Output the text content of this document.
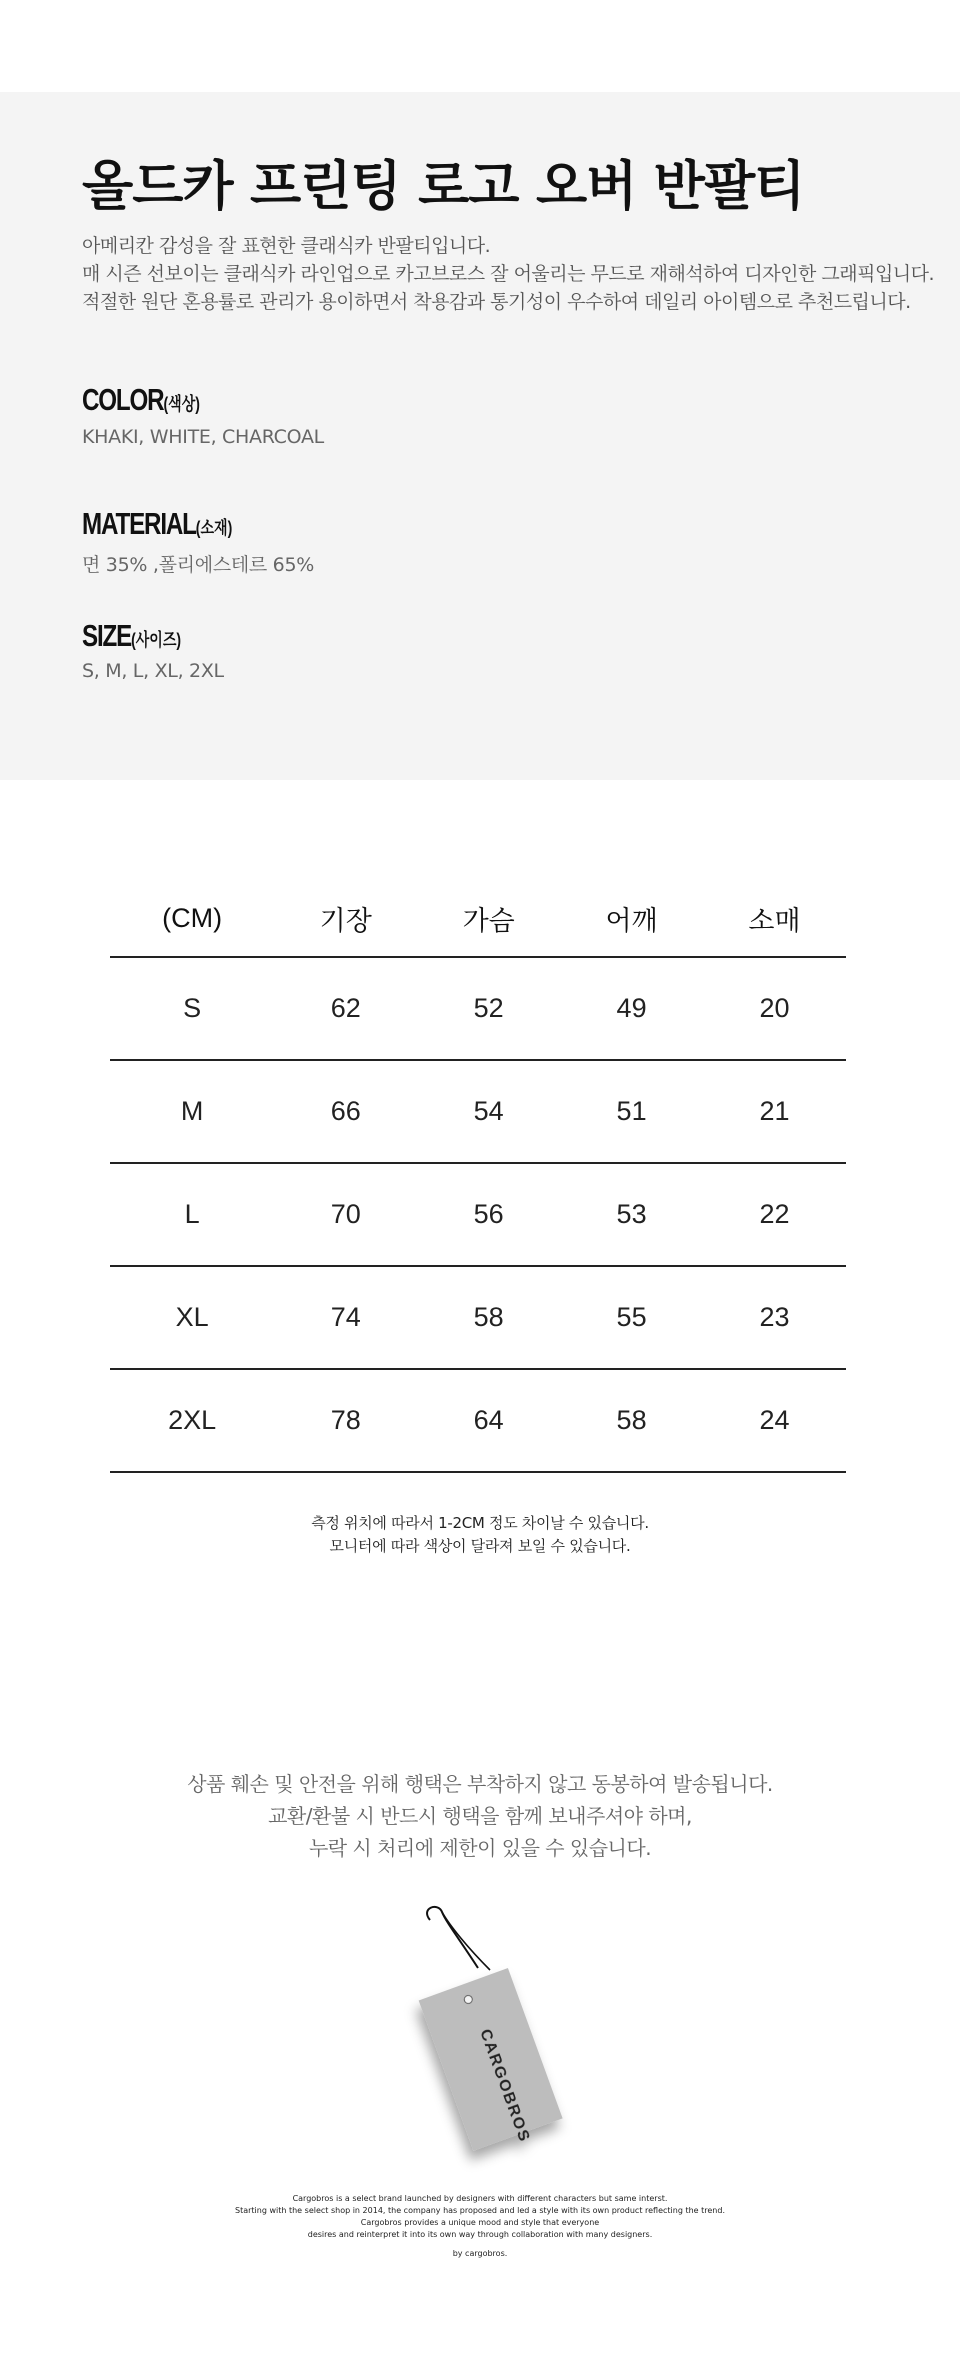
올드카 프린팅 로고 오버 반팔티
아메리칸 감성을 잘 표현한 클래식카 반팔티입니다.
매 시즌 선보이는 클래식카 라인업으로 카고브로스 잘 어울리는 무드로 재해석하여 디자인한 그래픽입니다.
적절한 원단 혼용률로 관리가 용이하면서 착용감과 통기성이 우수하여 데일리 아이템으로 추천드립니다.
COLOR(색상)
KHAKI, WHITE, CHARCOAL
MATERIAL(소재)
면 35% ,폴리에스테르 65%
SIZE(사이즈)
S, M, L, XL, 2XL
(CM)	기장	가슴	어깨	소매
S	62	52	49	20
M	66	54	51	21
L	70	56	53	22
XL	74	58	55	23
2XL	78	64	58	24
측정 위치에 따라서 1-2CM 정도 차이날 수 있습니다.
모니터에 따라 색상이 달라져 보일 수 있습니다.
상품 훼손 및 안전을 위해 행택은 부착하지 않고 동봉하여 발송됩니다.
교환/환불 시 반드시 행택을 함께 보내주셔야 하며,
누락 시 처리에 제한이 있을 수 있습니다.
CARGOBROS
Cargobros is a select brand launched by designers with different characters but same interst.
Starting with the select shop in 2014, the company has proposed and led a style with its own product reflecting the trend.
Cargobros provides a unique mood and style that everyone
desires and reinterpret it into its own way through collaboration with many designers.
by cargobros.
